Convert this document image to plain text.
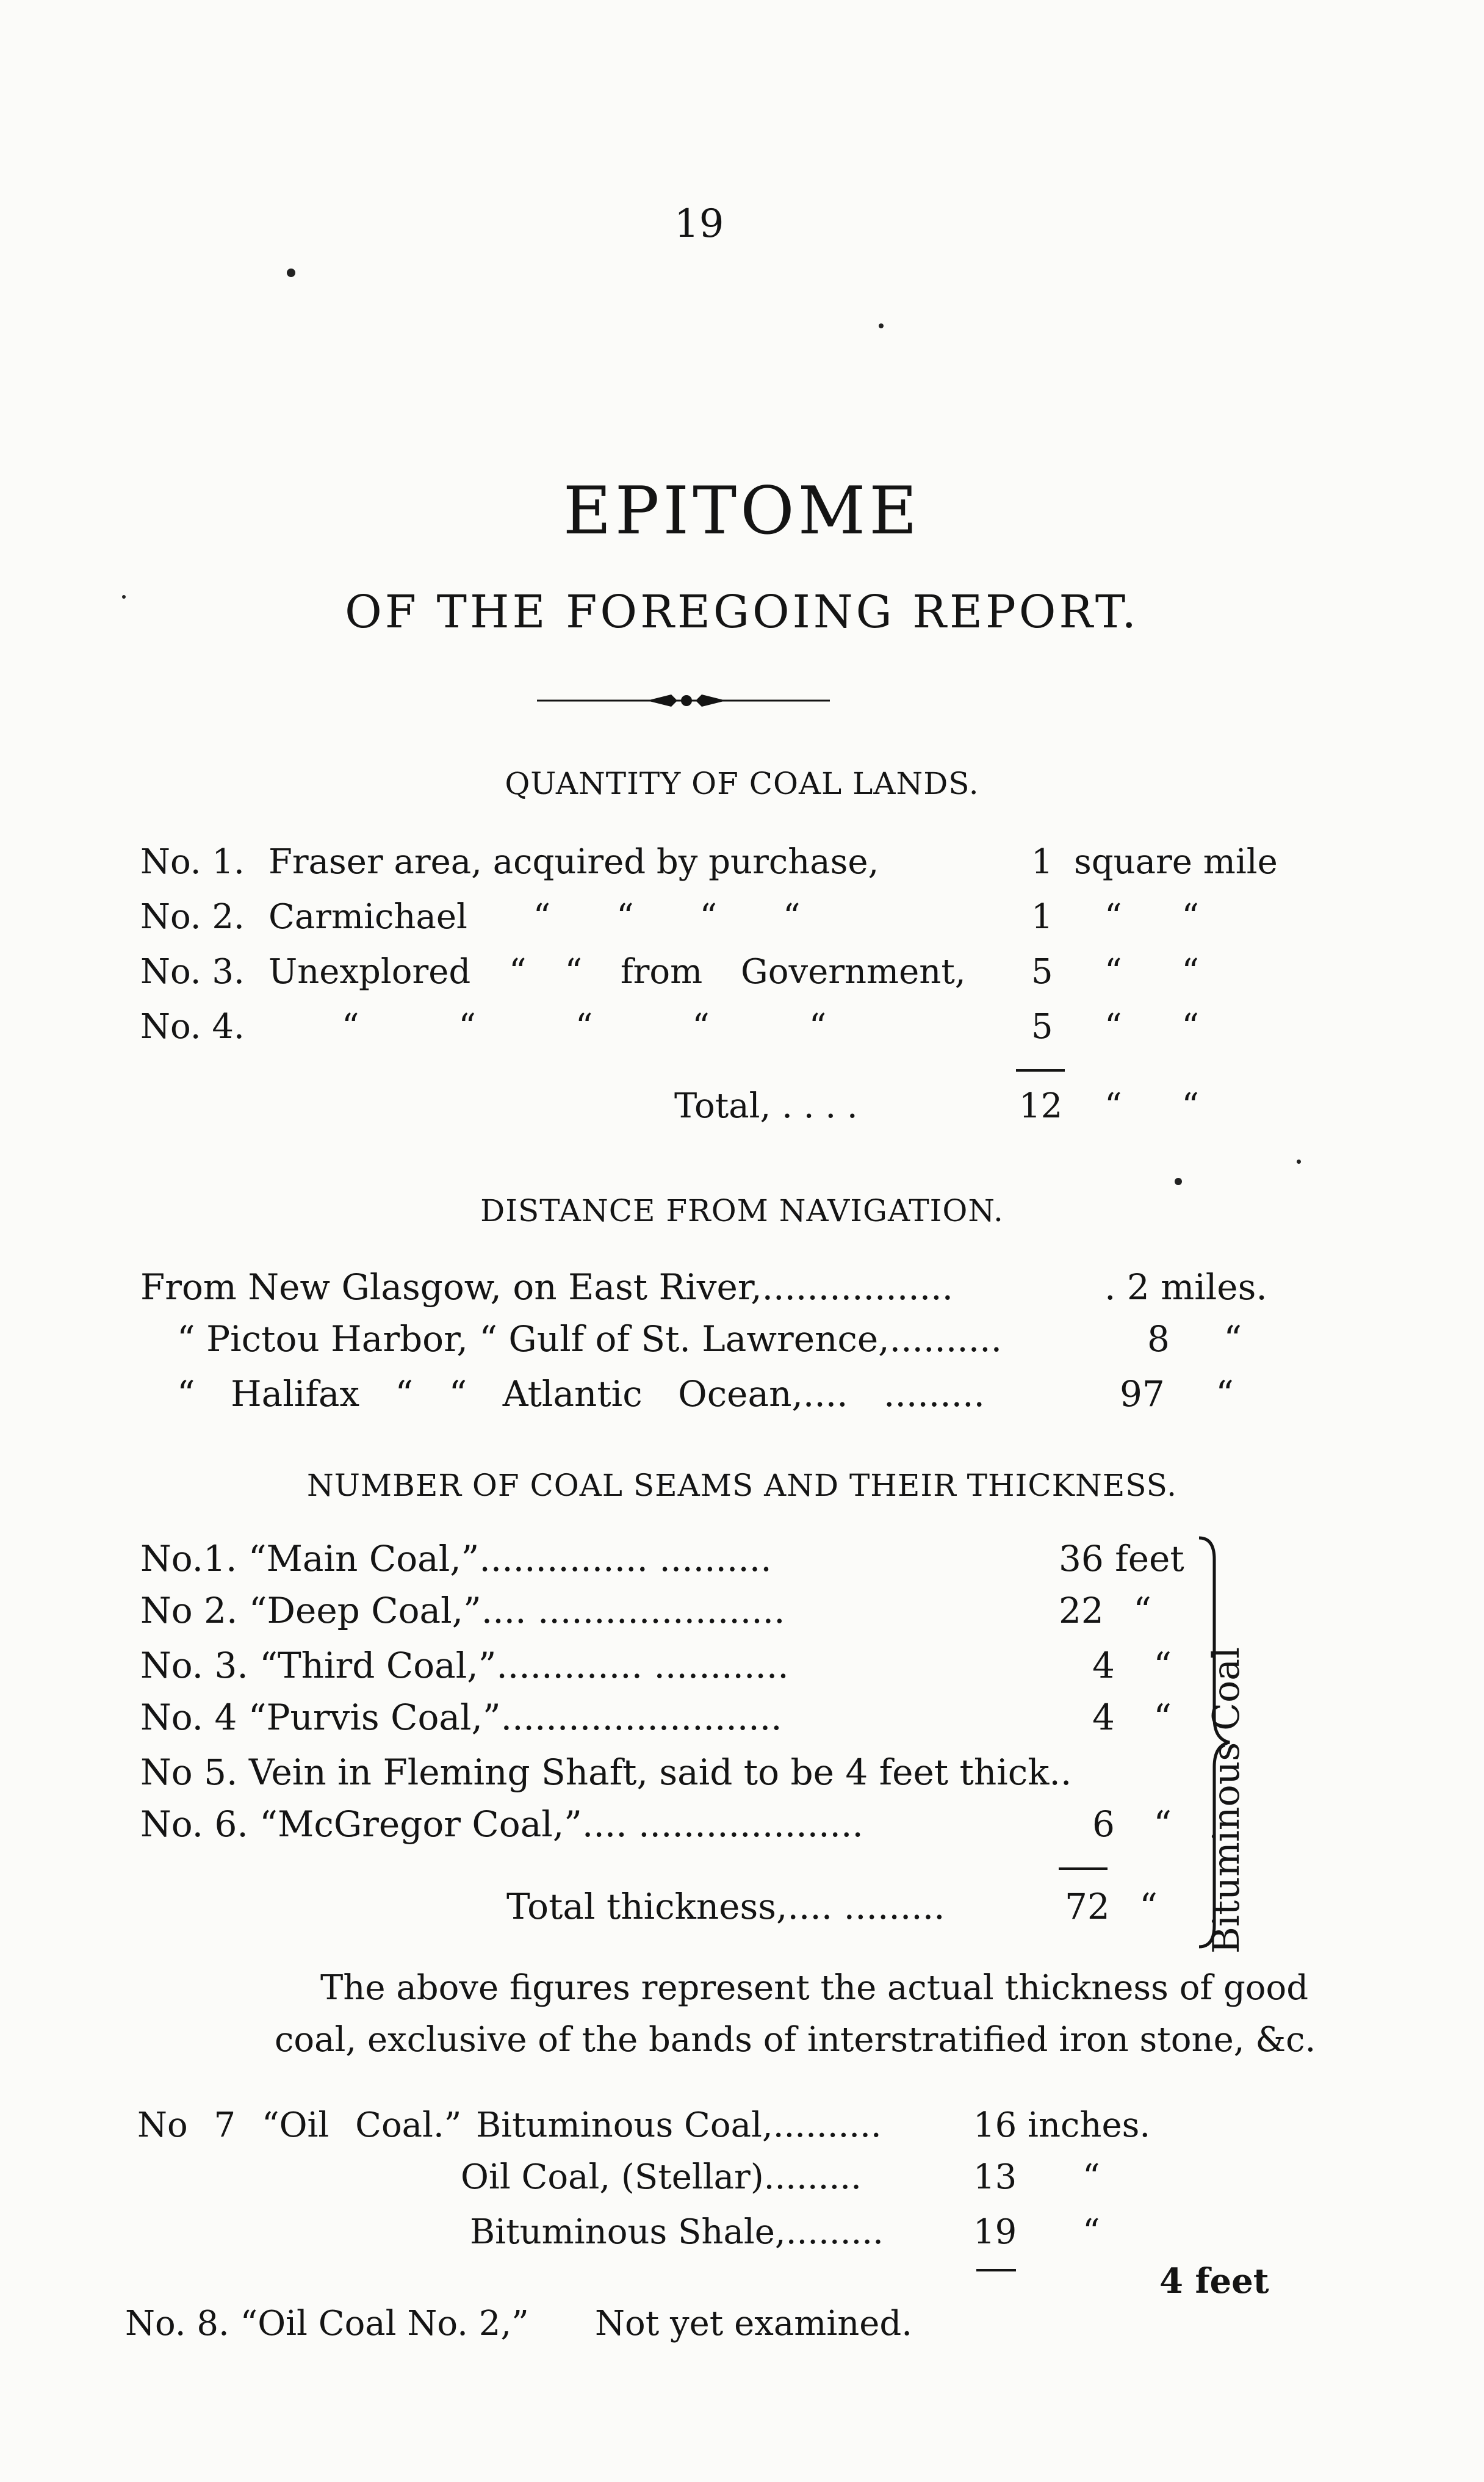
19
EPITOME
OF THE FOREGOING REPORT.
QUANTITY OF COAL LANDS.
No. 1. Fraser area, acquired by purchase,	1 square mile
No. 2. Carmichael “ “ “ “	1 “ “
No. 3. Unexplored “ “ from Government, 5 “ “
No. 4.	“ “ “ “ “	5 “ “
Total, . . . .	12 “ “
DISTANCE FROM NAVIGATION.
From New Glasgow, on East River,.................	. 2 miles.
“ Pictou Harbor, “ Gulf of St. Lawrence,..........	8 “
“ Halifax “ “ Atlantic Ocean,.... .........	97 “
NUMBER OF COAL SEAMS AND THEIR THICKNESS.
No.1. “Main Coal,”............... ..........	36 feet
No 2. “Deep Coal,”.... ......................	22 “
No. 3. “Third Coal,”............. ............	4 “
No. 4 “Purvis Coal,”.........................	4 “
No 5. Vein in Fleming Shaft, said to be 4 feet thick..
No. 6. “McGregor Coal,”.... ....................	6 “
Total thickness,.... .........	72 “ Bituminous Coal
The above figures represent the actual thickness of good
coal, exclusive of the bands of interstratified iron stone, &c.
No 7 “Oil Coal.” Bituminous Coal,..........	16 inches.
Oil Coal, (Stellar).........	13 “
Bituminous Shale,.........	19 “
4 feet
No. 8. “Oil Coal No. 2,” Not yet examined.
